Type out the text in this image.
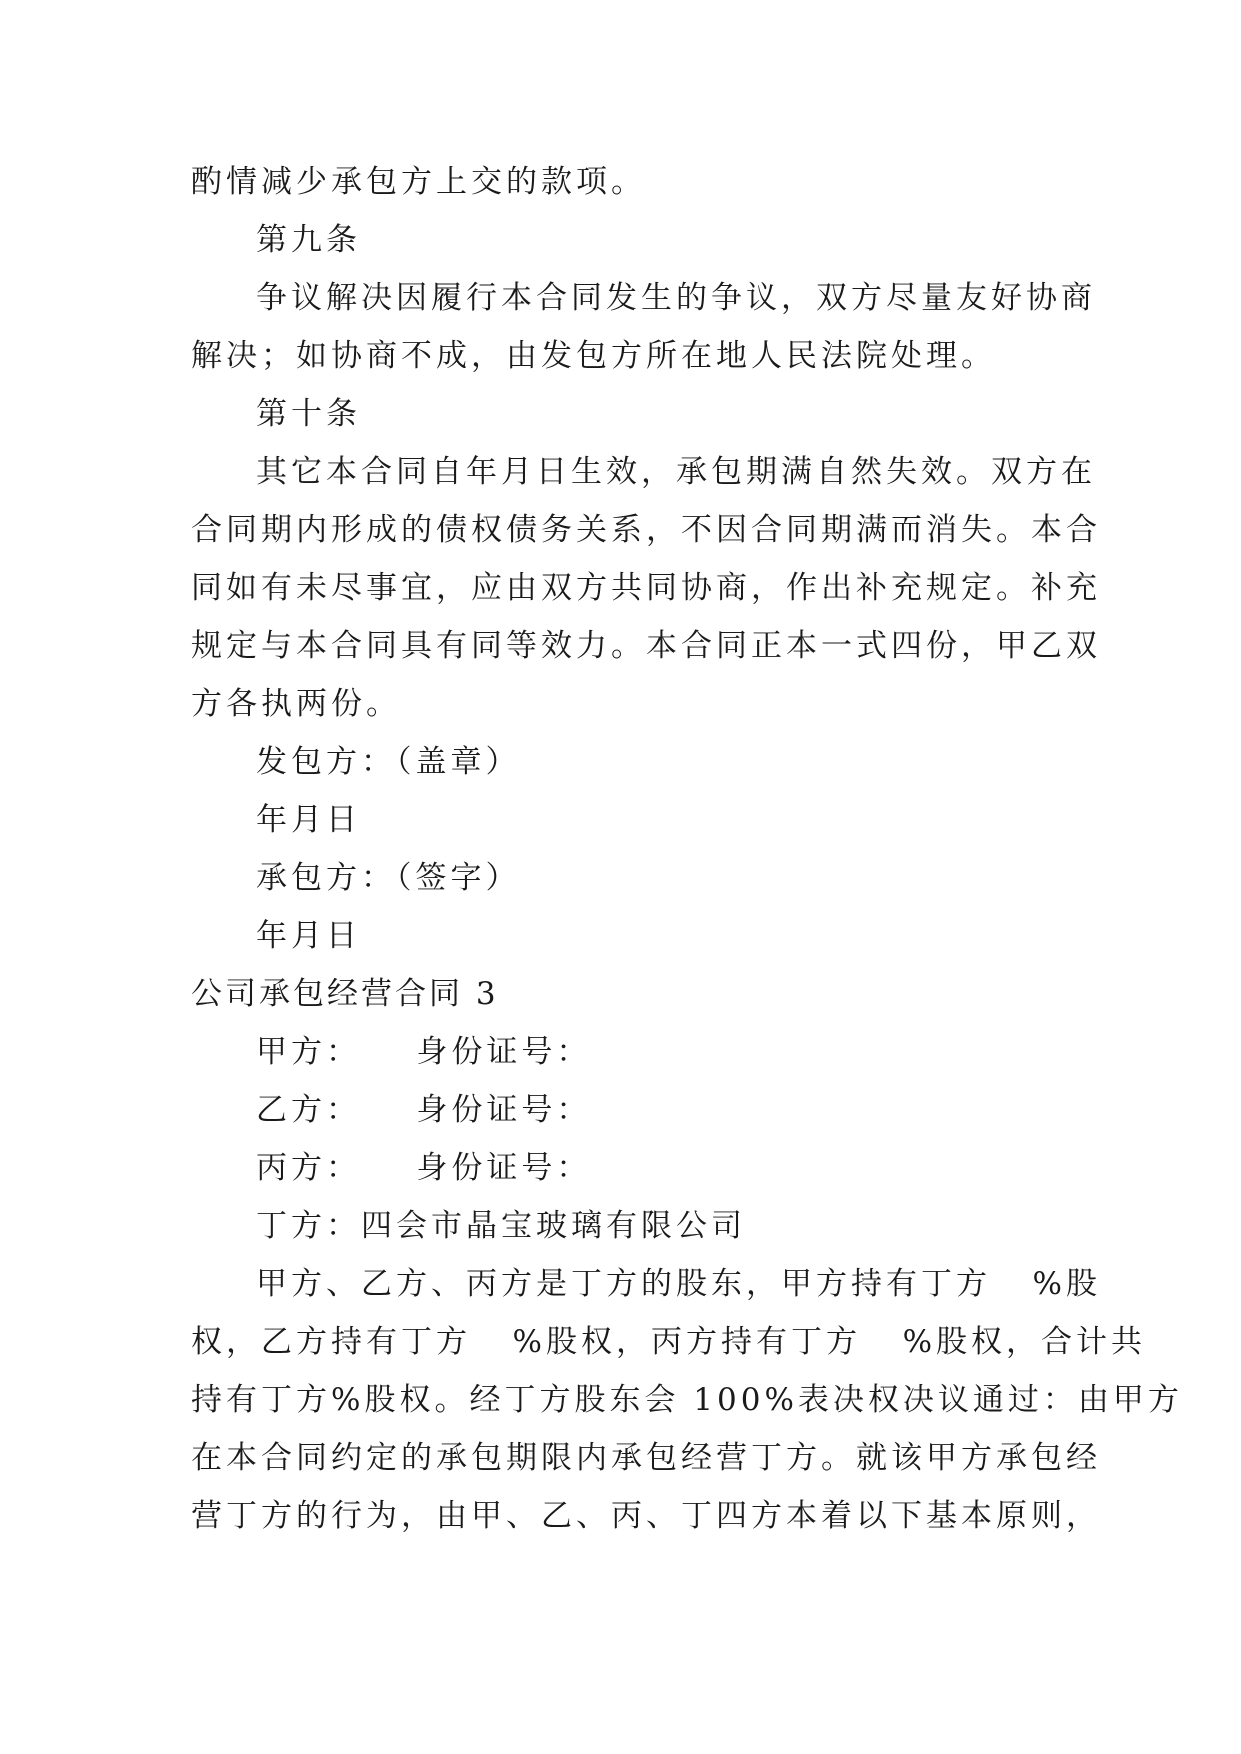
酌情减少承包方上交的款项。
第九条
争议解决因履行本合同发生的争议，双方尽量友好协商
解决；如协商不成，由发包方所在地人民法院处理。
第十条
其它本合同自年月日生效，承包期满自然失效。双方在
合同期内形成的债权债务关系，不因合同期满而消失。本合
同如有未尽事宜，应由双方共同协商，作出补充规定。补充
规定与本合同具有同等效力。本合同正本一式四份，甲乙双
方各执两份。
发包方：（盖章）
年月日
承包方：（签字）
年月日
公司承包经营合同 3
甲方：    身份证号：
乙方：    身份证号：
丙方：    身份证号：
丁方：四会市晶宝玻璃有限公司
甲方、乙方、丙方是丁方的股东，甲方持有丁方   %股
权，乙方持有丁方   %股权，丙方持有丁方   %股权，合计共
持有丁方%股权。经丁方股东会 100%表决权决议通过：由甲方
在本合同约定的承包期限内承包经营丁方。就该甲方承包经
营丁方的行为，由甲、乙、丙、丁四方本着以下基本原则，
